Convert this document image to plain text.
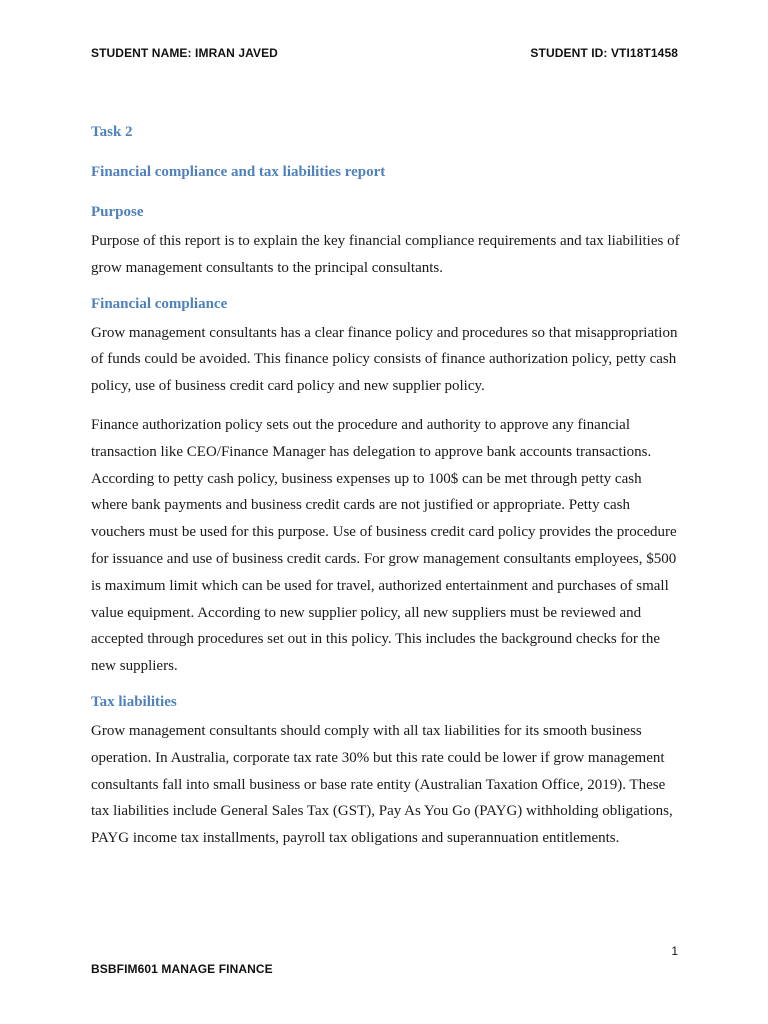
STUDENT NAME: IMRAN JAVED	STUDENT ID: VTI18T1458
Task 2
Financial compliance and tax liabilities report
Purpose

Purpose of this report is to explain the key financial compliance requirements and tax liabilities of grow management consultants to the principal consultants.

Financial compliance

Grow management consultants has a clear finance policy and procedures so that misappropriation of funds could be avoided. This finance policy consists of finance authorization policy, petty cash policy, use of business credit card policy and new supplier policy.

Finance authorization policy sets out the procedure and authority to approve any financial transaction like CEO/Finance Manager has delegation to approve bank accounts transactions. According to petty cash policy, business expenses up to 100$ can be met through petty cash where bank payments and business credit cards are not justified or appropriate. Petty cash vouchers must be used for this purpose. Use of business credit card policy provides the procedure for issuance and use of business credit cards. For grow management consultants employees, $500 is maximum limit which can be used for travel, authorized entertainment and purchases of small value equipment. According to new supplier policy, all new suppliers must be reviewed and accepted through procedures set out in this policy. This includes the background checks for the new suppliers.

Tax liabilities

Grow management consultants should comply with all tax liabilities for its smooth business operation. In Australia, corporate tax rate 30% but this rate could be lower if grow management consultants fall into small business or base rate entity (Australian Taxation Office, 2019). These tax liabilities include General Sales Tax (GST), Pay As You Go (PAYG) withholding obligations, PAYG income tax installments, payroll tax obligations and superannuation entitlements.

1
BSBFIM601 MANAGE FINANCE
